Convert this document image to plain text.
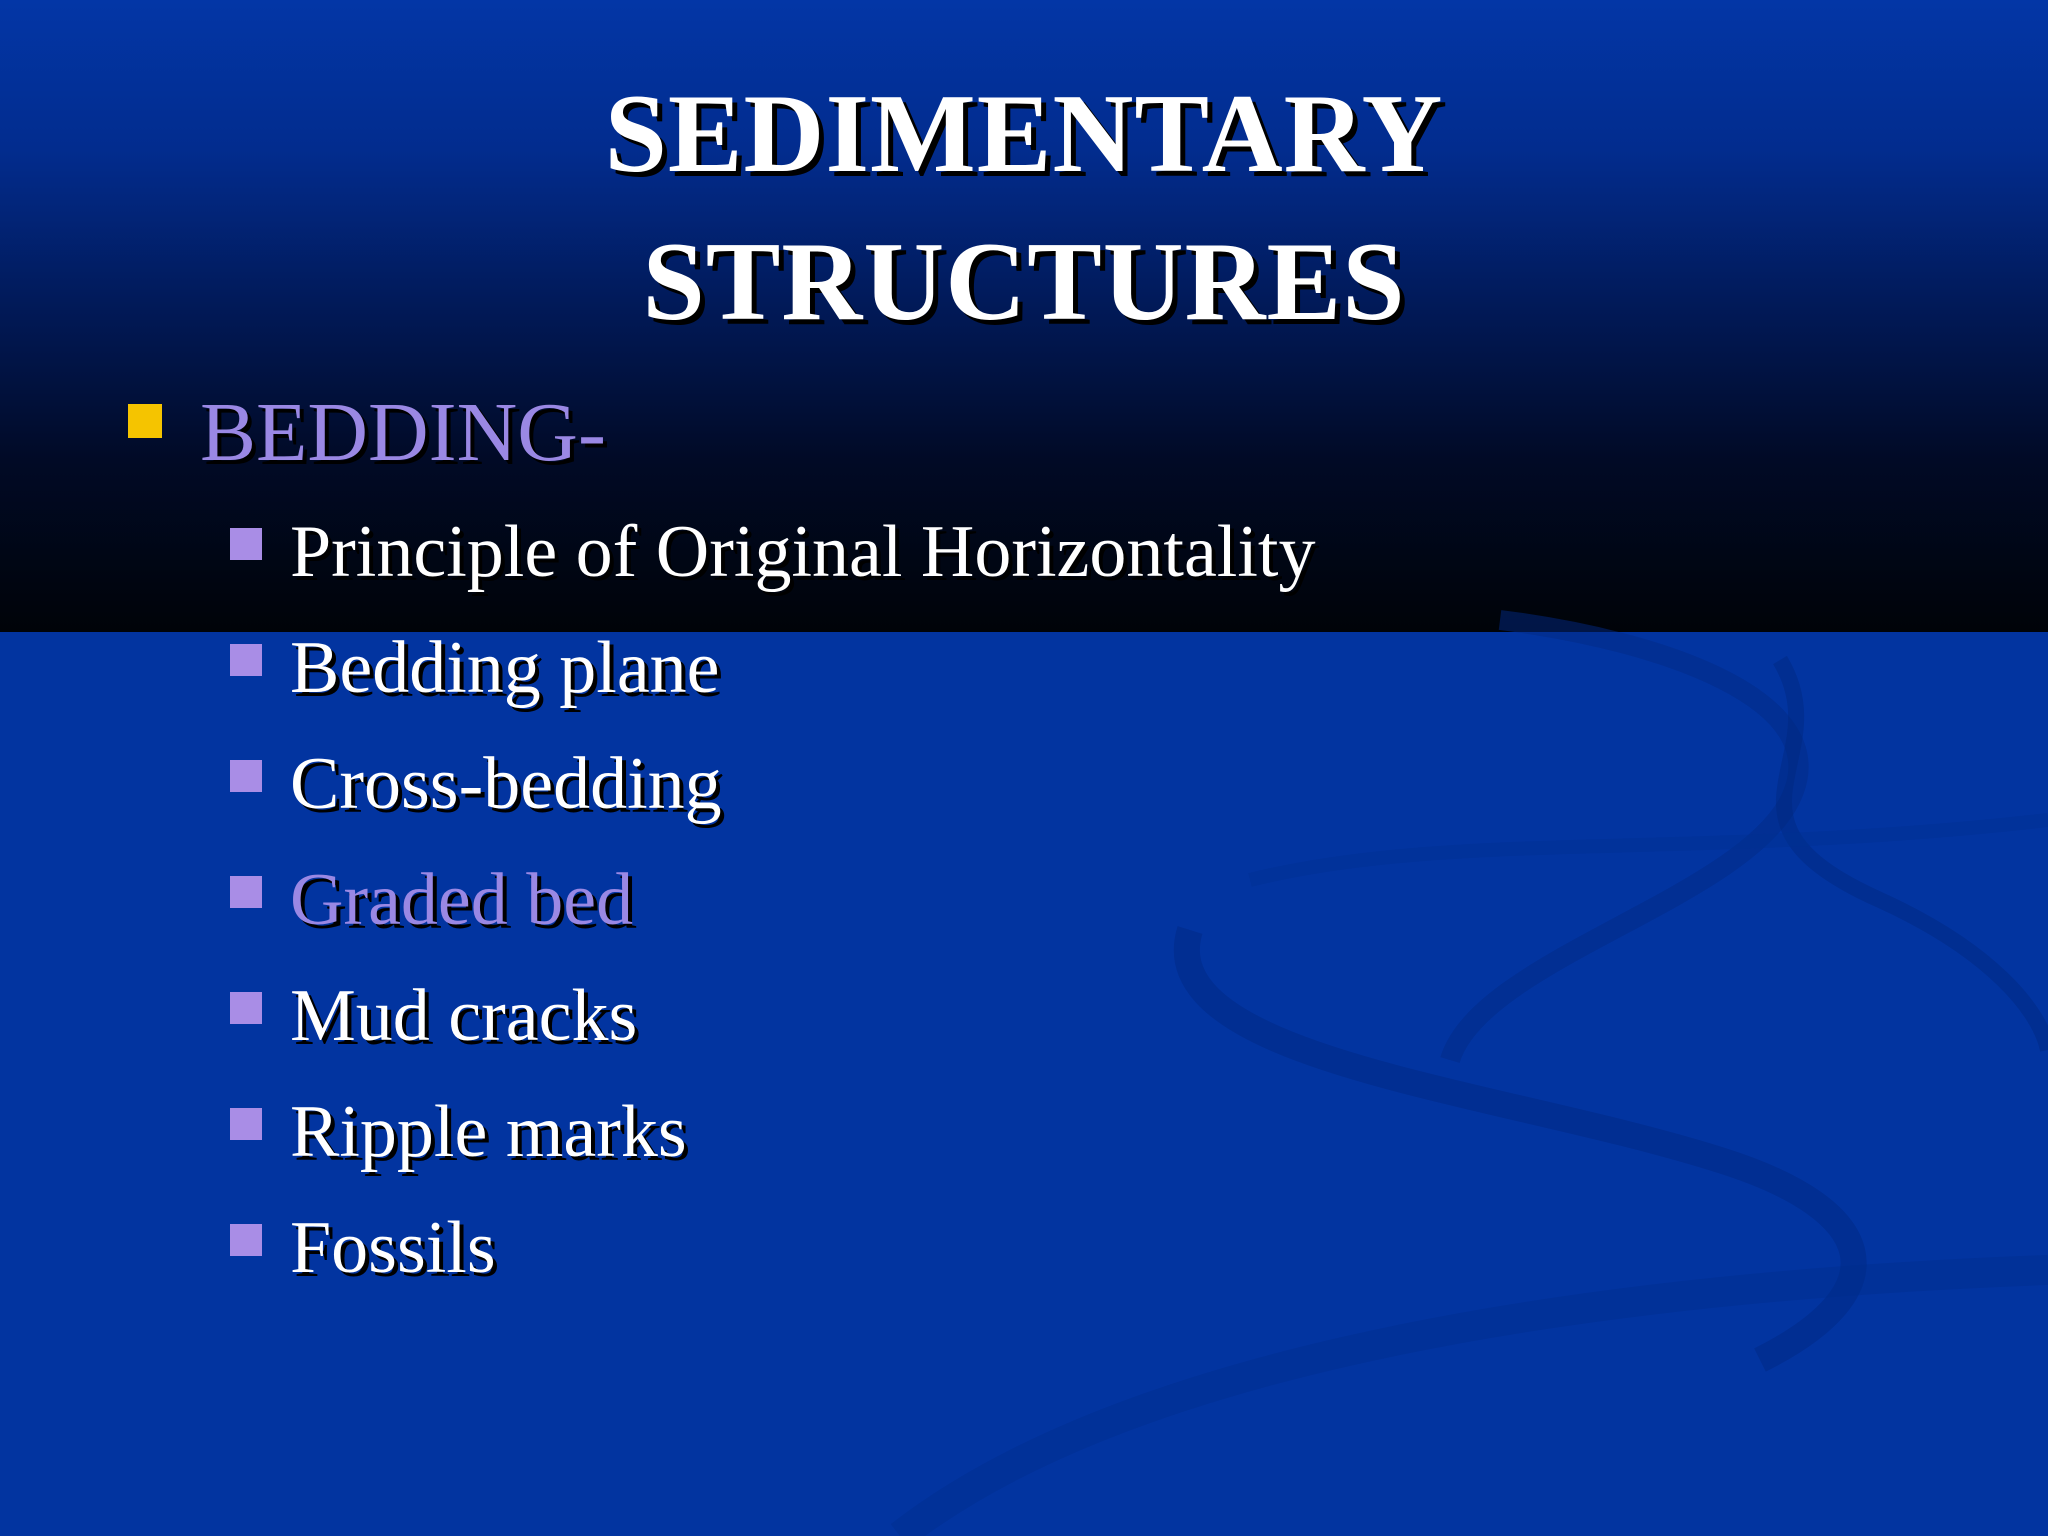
SEDIMENTARY
STRUCTURES
BEDDING-
Principle of Original Horizontality
Bedding plane
Cross-bedding
Graded bed
Mud cracks
Ripple marks
Fossils
